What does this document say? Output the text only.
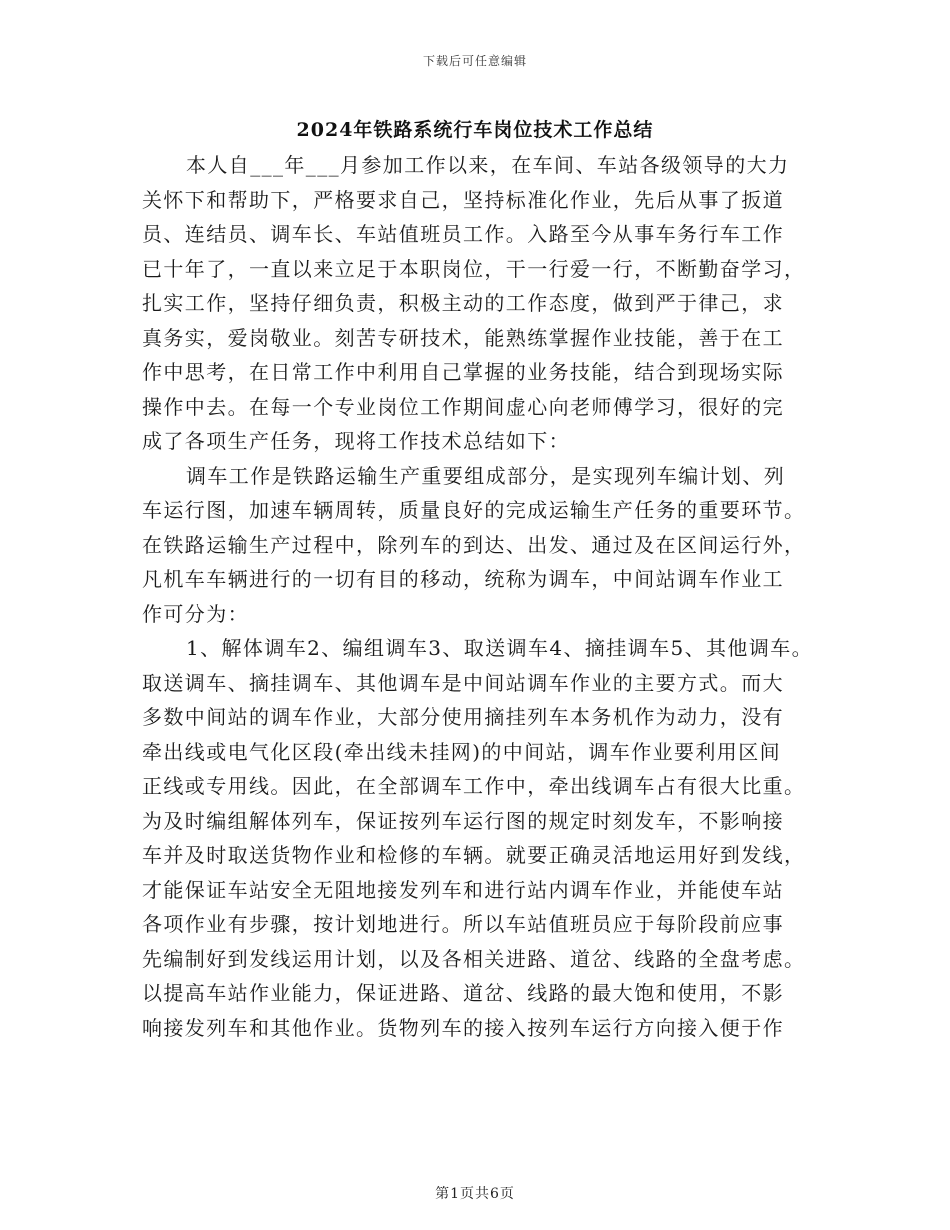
下载后可任意编辑
2024年铁路系统行车岗位技术工作总结
本人自___年___月参加工作以来，在车间、车站各级领导的大力
关怀下和帮助下，严格要求自己，坚持标准化作业，先后从事了扳道
员、连结员、调车长、车站值班员工作。入路至今从事车务行车工作
已十年了，一直以来立足于本职岗位，干一行爱一行，不断勤奋学习，
扎实工作，坚持仔细负责，积极主动的工作态度，做到严于律己，求
真务实，爱岗敬业。刻苦专研技术，能熟练掌握作业技能，善于在工
作中思考，在日常工作中利用自己掌握的业务技能，结合到现场实际
操作中去。在每一个专业岗位工作期间虚心向老师傅学习，很好的完
成了各项生产任务，现将工作技术总结如下：
调车工作是铁路运输生产重要组成部分，是实现列车编计划、列
车运行图，加速车辆周转，质量良好的完成运输生产任务的重要环节。
在铁路运输生产过程中，除列车的到达、出发、通过及在区间运行外，
凡机车车辆进行的一切有目的移动，统称为调车，中间站调车作业工
作可分为：
1、解体调车2、编组调车3、取送调车4、摘挂调车5、其他调车。
取送调车、摘挂调车、其他调车是中间站调车作业的主要方式。而大
多数中间站的调车作业，大部分使用摘挂列车本务机作为动力，没有
牵出线或电气化区段(牵出线未挂网)的中间站，调车作业要利用区间
正线或专用线。因此，在全部调车工作中，牵出线调车占有很大比重。
为及时编组解体列车，保证按列车运行图的规定时刻发车，不影响接
车并及时取送货物作业和检修的车辆。就要正确灵活地运用好到发线，
才能保证车站安全无阻地接发列车和进行站内调车作业，并能使车站
各项作业有步骤，按计划地进行。所以车站值班员应于每阶段前应事
先编制好到发线运用计划，以及各相关进路、道岔、线路的全盘考虑。
以提高车站作业能力，保证进路、道岔、线路的最大饱和使用，不影
响接发列车和其他作业。货物列车的接入按列车运行方向接入便于作
第1页共6页
